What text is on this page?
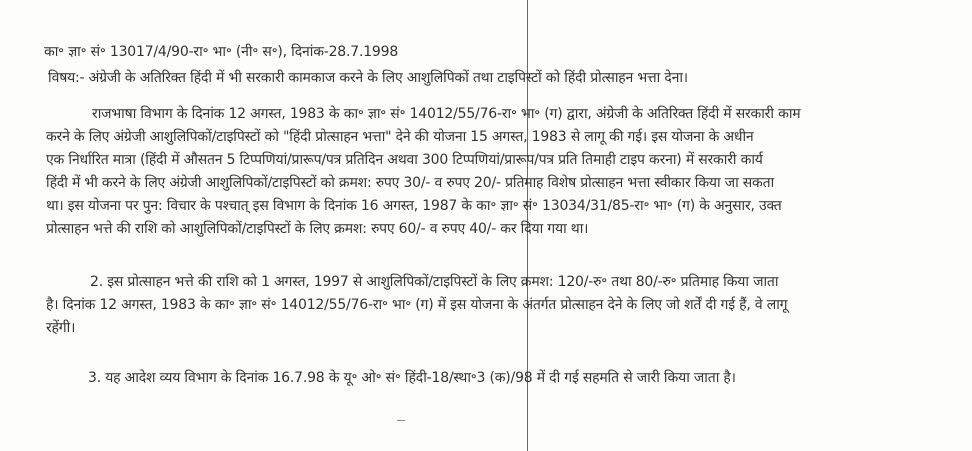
का॰ ज्ञा॰ सं॰ 13017/4/90-रा॰ भा॰ (नी॰ स॰), दिनांक-28.7.1998
विषय:- अंग्रेजी के अतिरिक्त हिंदी में भी सरकारी कामकाज करने के लिए आशुलिपिकों तथा टाइपिस्टों को हिंदी प्रोत्साहन भत्ता देना।
राजभाषा विभाग के दिनांक 12 अगस्त, 1983 के का॰ ज्ञा॰ सं॰ 14012/55/76-रा॰ भा॰ (ग) द्वारा, अंग्रेजी के अतिरिक्त हिंदी में सरकारी काम
करने के लिए अंग्रेजी आशुलिपिकों/टाइपिस्टों को "हिंदी प्रोत्साहन भत्ता" देने की योजना 15 अगस्त, 1983 से लागू की गई। इस योजना के अधीन
एक निर्धारित मात्रा (हिंदी में औसतन 5 टिप्पणियां/प्रारूप/पत्र प्रतिदिन अथवा 300 टिप्पणियां/प्रारूप/पत्र प्रति तिमाही टाइप करना) में सरकारी कार्य
हिंदी में भी करने के लिए अंग्रेजी आशुलिपिकों/टाइपिस्टों को क्रमश: रुपए 30/- व रुपए 20/- प्रतिमाह विशेष प्रोत्साहन भत्ता स्वीकार किया जा सकता
था। इस योजना पर पुन: विचार के पश्चात् इस विभाग के दिनांक 16 अगस्त, 1987 के का॰ ज्ञा॰ सं॰ 13034/31/85-रा॰ भा॰ (ग) के अनुसार, उक्त
प्रोत्साहन भत्ते की राशि को आशुलिपिकों/टाइपिस्टों के लिए क्रमश: रुपए 60/- व रुपए 40/- कर दिया गया था।
2. इस प्रोत्साहन भत्ते की राशि को 1 अगस्त, 1997 से आशुलिपिकों/टाइपिस्टों के लिए क्रमश: 120/-रु॰ तथा 80/-रु॰ प्रतिमाह किया जाता
है। दिनांक 12 अगस्त, 1983 के का॰ ज्ञा॰ सं॰ 14012/55/76-रा॰ भा॰ (ग) में इस योजना के अंतर्गत प्रोत्साहन देने के लिए जो शर्तें दी गई हैं, वे लागू
रहेंगी।
3. यह आदेश व्यय विभाग के दिनांक 16.7.98 के यू॰ ओ॰ सं॰ हिंदी-18/स्था॰3 (क)/98 में दी गई सहमति से जारी किया जाता है।
